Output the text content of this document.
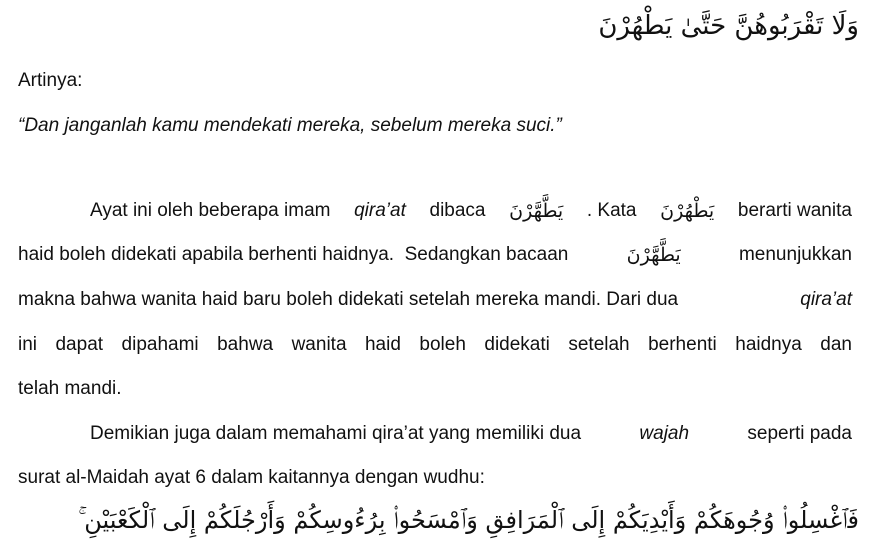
وَلَا تَقْرَبُوهُنَّ حَتَّىٰ يَطْهُرْنَ
Artinya:
“Dan janganlah kamu mendekati mereka, sebelum mereka suci.”
Ayat ini oleh beberapa imam qira’at dibaca يَطَّهَّرْنَ . Kata يَطْهُرْنَ berarti wanita
haid boleh didekati apabila berhenti haidnya.  Sedangkan bacaan	يَطَّهَّرْنَ	menunjukkan
makna bahwa wanita haid baru boleh didekati setelah mereka mandi. Dari dua	qira’at
ini dapat dipahami bahwa wanita haid boleh didekati setelah berhenti haidnya dan
telah mandi.
Demikian juga dalam memahami qira’at yang memiliki dua	wajah	seperti pada
surat al-Maidah ayat 6 dalam kaitannya dengan wudhu:
فَٱغْسِلُوا۟ وُجُوهَكُمْ وَأَيْدِيَكُمْ إِلَى ٱلْمَرَافِقِ وَٱمْسَحُوا۟ بِرُءُوسِكُمْ وَأَرْجُلَكُمْ إِلَى ٱلْكَعْبَيْنِ ۚ
